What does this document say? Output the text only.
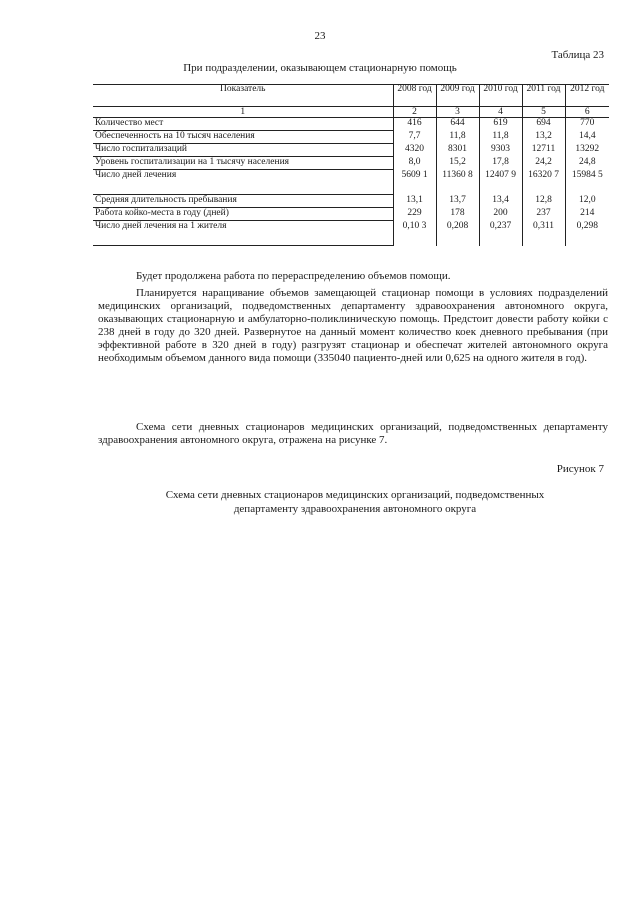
23
Таблица 23
При подразделении, оказывающем стационарную помощь
Показатель	2008 год	2009 год	2010 год	2011 год	2012 год
1	2	3	4	5	6
Количество мест	416	644	619	694	770
Обеспеченность на 10 тысяч населения	7,7	11,8	11,8	13,2	14,4
Число госпитализаций	4320	8301	9303	12711	13292
Уровень госпитализации на 1 тысячу населения	8,0	15,2	17,8	24,2	24,8
Число дней лечения	5609 1	11360 8	12407 9	16320 7	15984 5
Средняя длительность пребывания	13,1	13,7	13,4	12,8	12,0
Работа койко-места в году (дней)	229	178	200	237	214
Число дней лечения на 1 жителя	0,10 3	0,208	0,237	0,311	0,298
Будет продолжена работа по перераспределению объемов помощи.
Планируется наращивание объемов замещающей стационар помощи в условиях подразделений медицинских организаций, подведомственных департаменту здравоохранения автономного округа, оказывающих стационарную и амбулаторно-поликлиническую помощь. Предстоит довести работу койки с 238 дней в году до 320 дней. Развернутое на данный момент количество коек дневного пребывания (при эффективной работе в 320 дней в году) разгрузят стационар и обеспечат жителей автономного округа необходимым объемом данного вида помощи (335040 пациенто-дней или 0,625 на одного жителя в год).
Схема сети дневных стационаров медицинских организаций, подведомственных департаменту здравоохранения автономного округа, отражена на рисунке 7.
Рисунок 7
Схема сети дневных стационаров медицинских организаций, подведомственных департаменту здравоохранения автономного округа
